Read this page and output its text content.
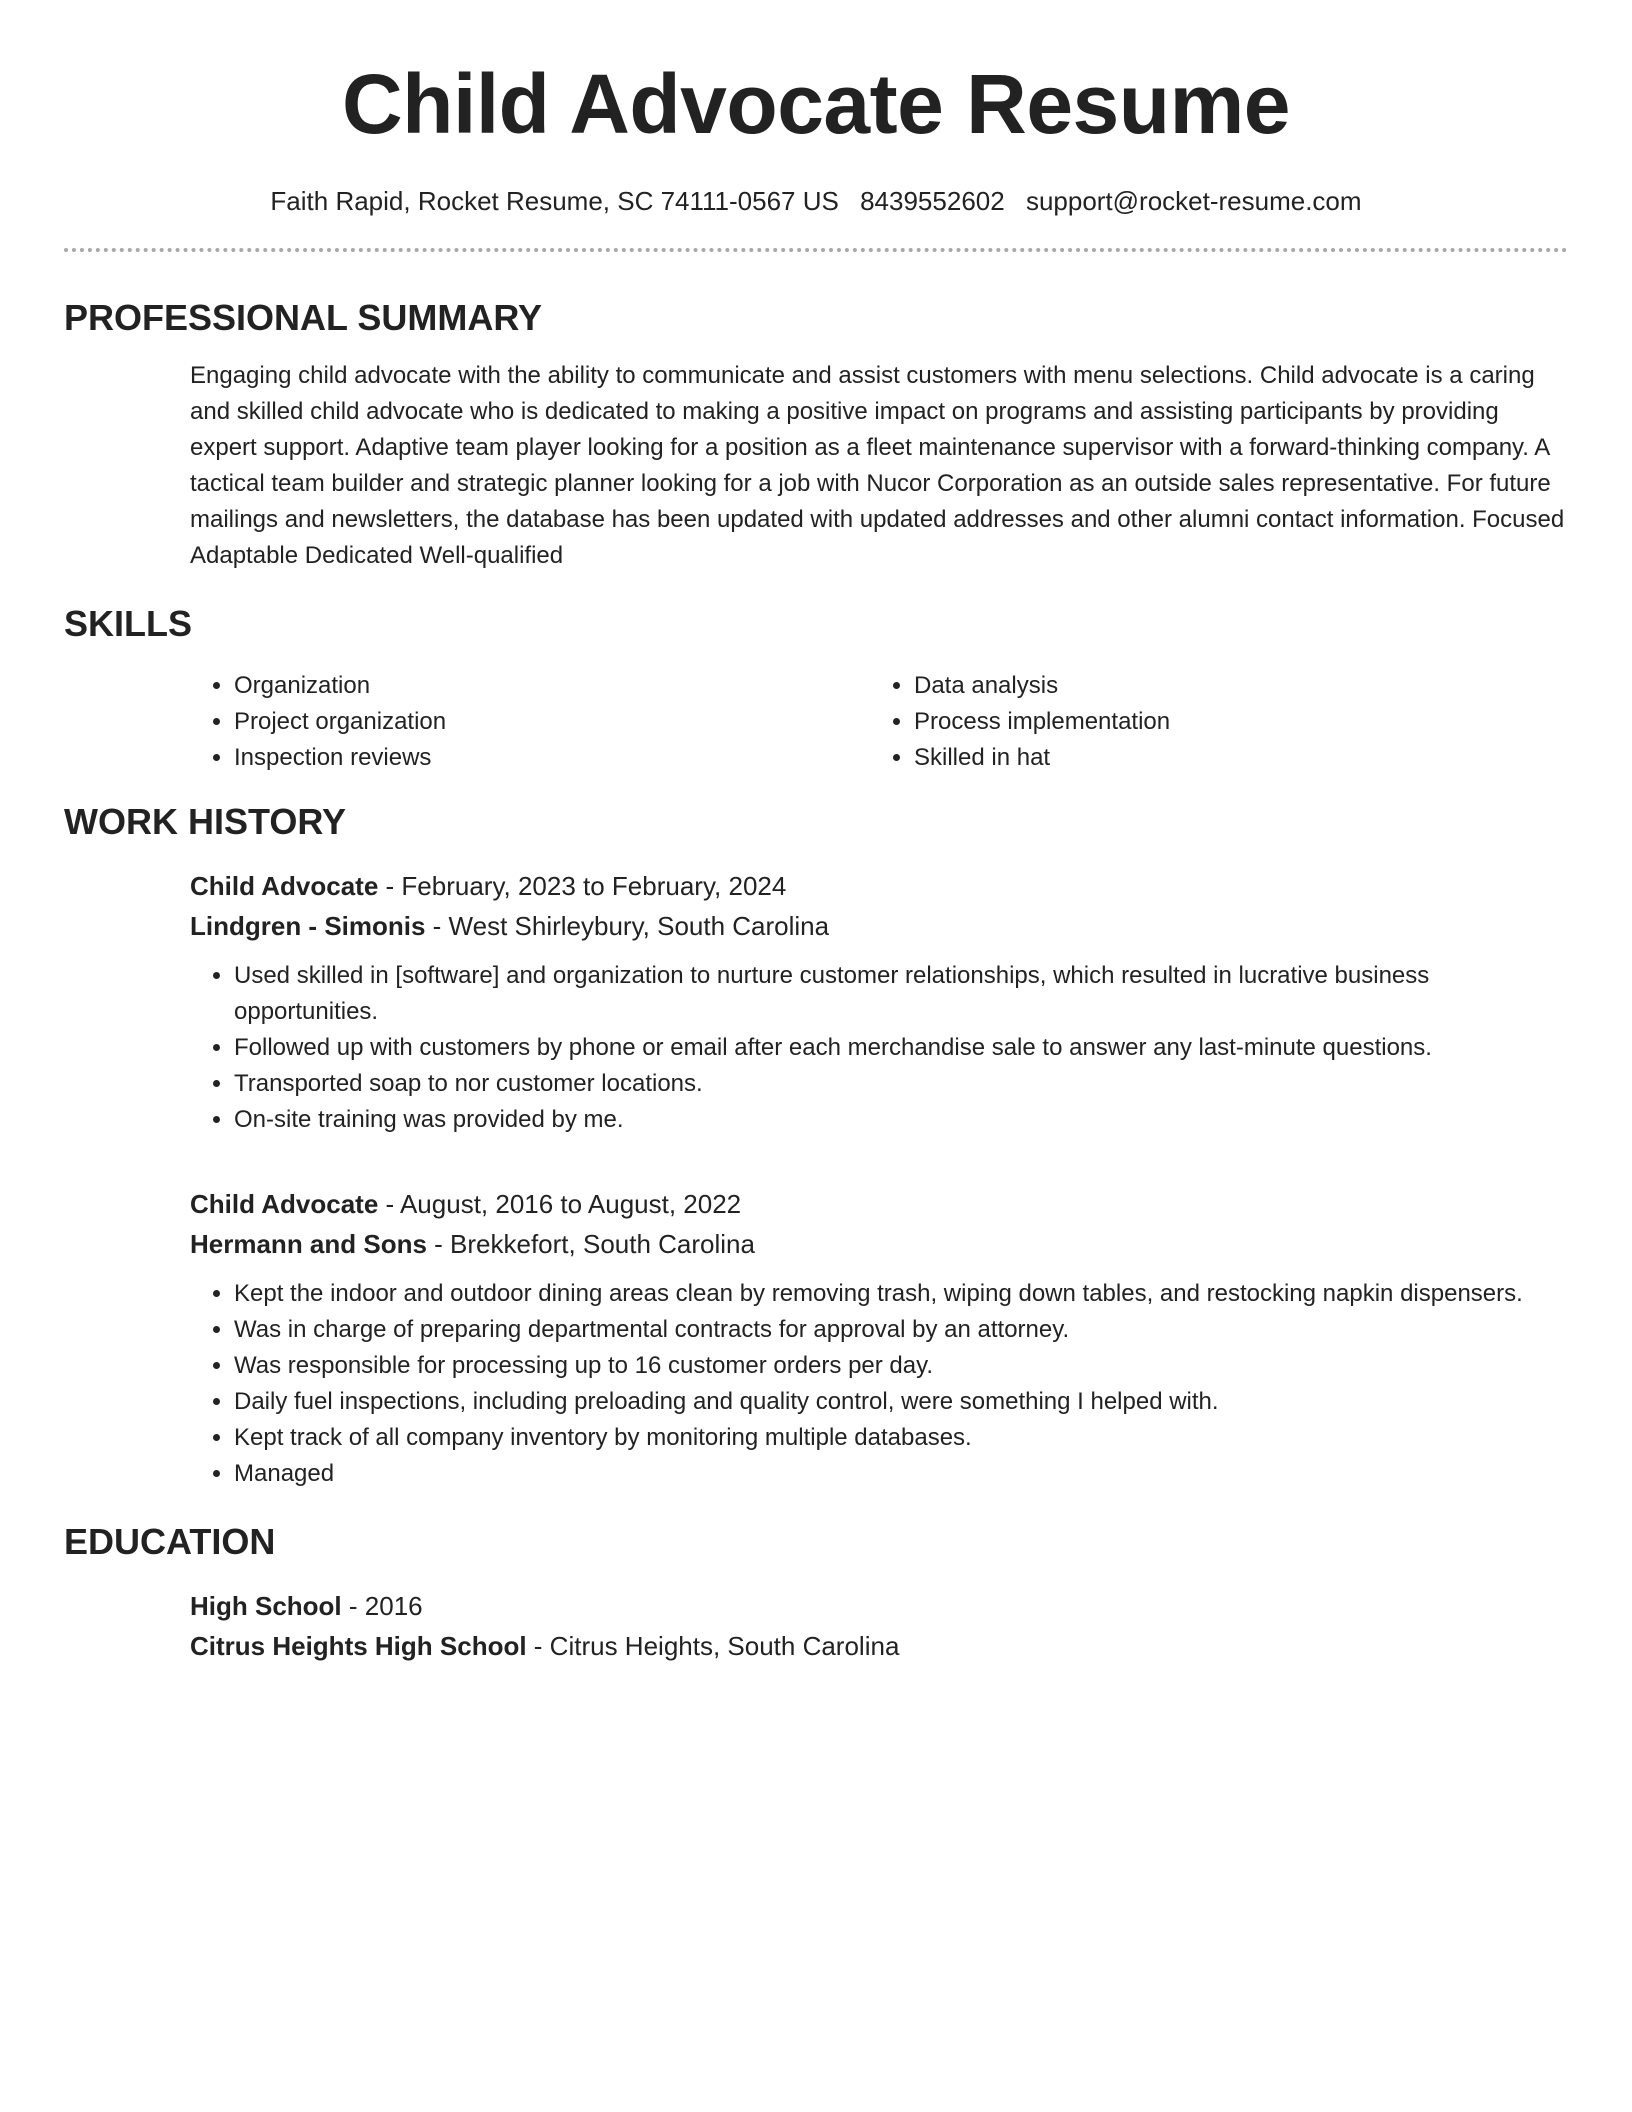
Child Advocate Resume
Faith Rapid, Rocket Resume, SC 74111-0567 US 8439552602 support@rocket-resume.com
PROFESSIONAL SUMMARY
Engaging child advocate with the ability to communicate and assist customers with menu selections. Child advocate is a caring and skilled child advocate who is dedicated to making a positive impact on programs and assisting participants by providing expert support. Adaptive team player looking for a position as a fleet maintenance supervisor with a forward-thinking company. A tactical team builder and strategic planner looking for a job with Nucor Corporation as an outside sales representative. For future mailings and newsletters, the database has been updated with updated addresses and other alumni contact information. Focused Adaptable Dedicated Well-qualified
SKILLS
• Organization
• Project organization
• Inspection reviews
• Data analysis
• Process implementation
• Skilled in hat
WORK HISTORY
Child Advocate - February, 2023 to February, 2024
Lindgren - Simonis - West Shirleybury, South Carolina
• Used skilled in [software] and organization to nurture customer relationships, which resulted in lucrative business opportunities.
• Followed up with customers by phone or email after each merchandise sale to answer any last-minute questions.
• Transported soap to nor customer locations.
• On-site training was provided by me.
Child Advocate - August, 2016 to August, 2022
Hermann and Sons - Brekkefort, South Carolina
• Kept the indoor and outdoor dining areas clean by removing trash, wiping down tables, and restocking napkin dispensers.
• Was in charge of preparing departmental contracts for approval by an attorney.
• Was responsible for processing up to 16 customer orders per day.
• Daily fuel inspections, including preloading and quality control, were something I helped with.
• Kept track of all company inventory by monitoring multiple databases.
• Managed
EDUCATION
High School - 2016
Citrus Heights High School - Citrus Heights, South Carolina
